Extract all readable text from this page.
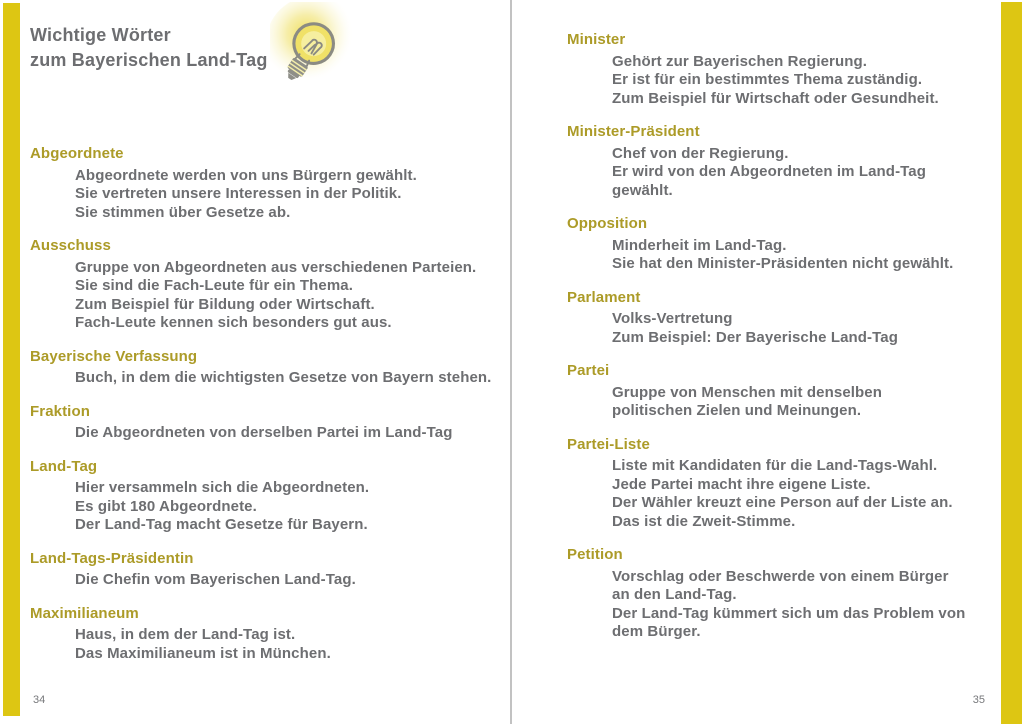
Wichtige Wörter
zum Bayerischen Land-Tag
Abgeordnete
Abgeordnete werden von uns Bürgern gewählt.
Sie vertreten unsere Interessen in der Politik.
Sie stimmen über Gesetze ab.
Ausschuss
Gruppe von Abgeordneten aus verschiedenen Parteien.
Sie sind die Fach-Leute für ein Thema.
Zum Beispiel für Bildung oder Wirtschaft.
Fach-Leute kennen sich besonders gut aus.
Bayerische Verfassung
Buch, in dem die wichtigsten Gesetze von Bayern stehen.
Fraktion
Die Abgeordneten von derselben Partei im Land-Tag
Land-Tag
Hier versammeln sich die Abgeordneten.
Es gibt 180 Abgeordnete.
Der Land-Tag macht Gesetze für Bayern.
Land-Tags-Präsidentin
Die Chefin vom Bayerischen Land-Tag.
Maximilianeum
Haus, in dem der Land-Tag ist.
Das Maximilianeum ist in München.
Minister
Gehört zur Bayerischen Regierung.
Er ist für ein bestimmtes Thema zuständig.
Zum Beispiel für Wirtschaft oder Gesundheit.
Minister-Präsident
Chef von der Regierung.
Er wird von den Abgeordneten im Land-Tag
gewählt.
Opposition
Minderheit im Land-Tag.
Sie hat den Minister-Präsidenten nicht gewählt.
Parlament
Volks-Vertretung
Zum Beispiel: Der Bayerische Land-Tag
Partei
Gruppe von Menschen mit denselben
politischen Zielen und Meinungen.
Partei-Liste
Liste mit Kandidaten für die Land-Tags-Wahl.
Jede Partei macht ihre eigene Liste.
Der Wähler kreuzt eine Person auf der Liste an.
Das ist die Zweit-Stimme.
Petition
Vorschlag oder Beschwerde von einem Bürger
an den Land-Tag.
Der Land-Tag kümmert sich um das Problem von
dem Bürger.
34	35
